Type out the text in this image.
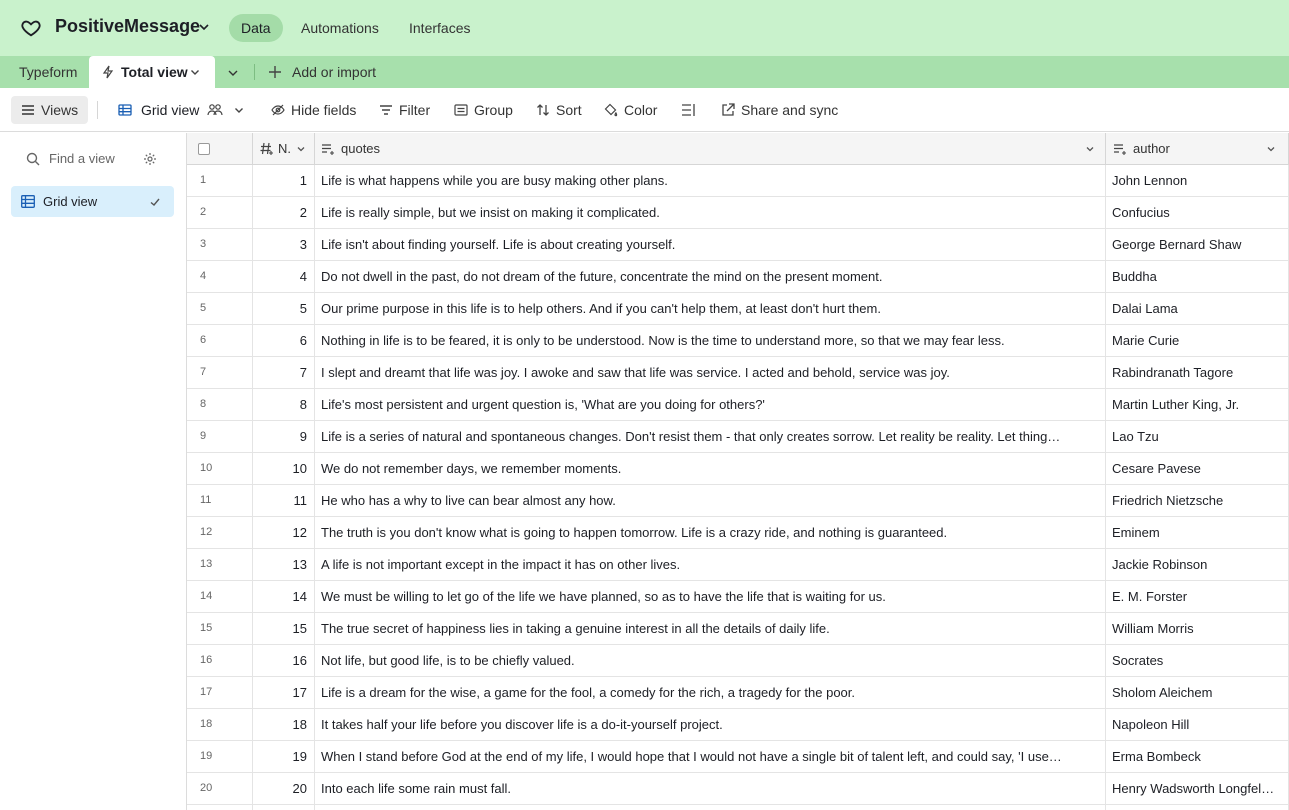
PositiveMessage	Data	Automations	Interfaces
Typeform	Total view	Add or import
Views	Grid view	Hide fields	Filter	Group	Sort	Color	Share and sync
Find a view
Grid view
N.	quotes	author
1	1	Life is what happens while you are busy making other plans.	John Lennon
2	2	Life is really simple, but we insist on making it complicated.	Confucius
3	3	Life isn't about finding yourself. Life is about creating yourself.	George Bernard Shaw
4	4	Do not dwell in the past, do not dream of the future, concentrate the mind on the present moment.	Buddha
5	5	Our prime purpose in this life is to help others. And if you can't help them, at least don't hurt them.	Dalai Lama
6	6	Nothing in life is to be feared, it is only to be understood. Now is the time to understand more, so that we may fear less.	Marie Curie
7	7	I slept and dreamt that life was joy. I awoke and saw that life was service. I acted and behold, service was joy.	Rabindranath Tagore
8	8	Life's most persistent and urgent question is, 'What are you doing for others?'	Martin Luther King, Jr.
9	9	Life is a series of natural and spontaneous changes. Don't resist them - that only creates sorrow. Let reality be reality. Let thing…	Lao Tzu
10	10	We do not remember days, we remember moments.	Cesare Pavese
11	11	He who has a why to live can bear almost any how.	Friedrich Nietzsche
12	12	The truth is you don't know what is going to happen tomorrow. Life is a crazy ride, and nothing is guaranteed.	Eminem
13	13	A life is not important except in the impact it has on other lives.	Jackie Robinson
14	14	We must be willing to let go of the life we have planned, so as to have the life that is waiting for us.	E. M. Forster
15	15	The true secret of happiness lies in taking a genuine interest in all the details of daily life.	William Morris
16	16	Not life, but good life, is to be chiefly valued.	Socrates
17	17	Life is a dream for the wise, a game for the fool, a comedy for the rich, a tragedy for the poor.	Sholom Aleichem
18	18	It takes half your life before you discover life is a do-it-yourself project.	Napoleon Hill
19	19	When I stand before God at the end of my life, I would hope that I would not have a single bit of talent left, and could say, 'I use…	Erma Bombeck
20	20	Into each life some rain must fall.	Henry Wadsworth Longfel…
